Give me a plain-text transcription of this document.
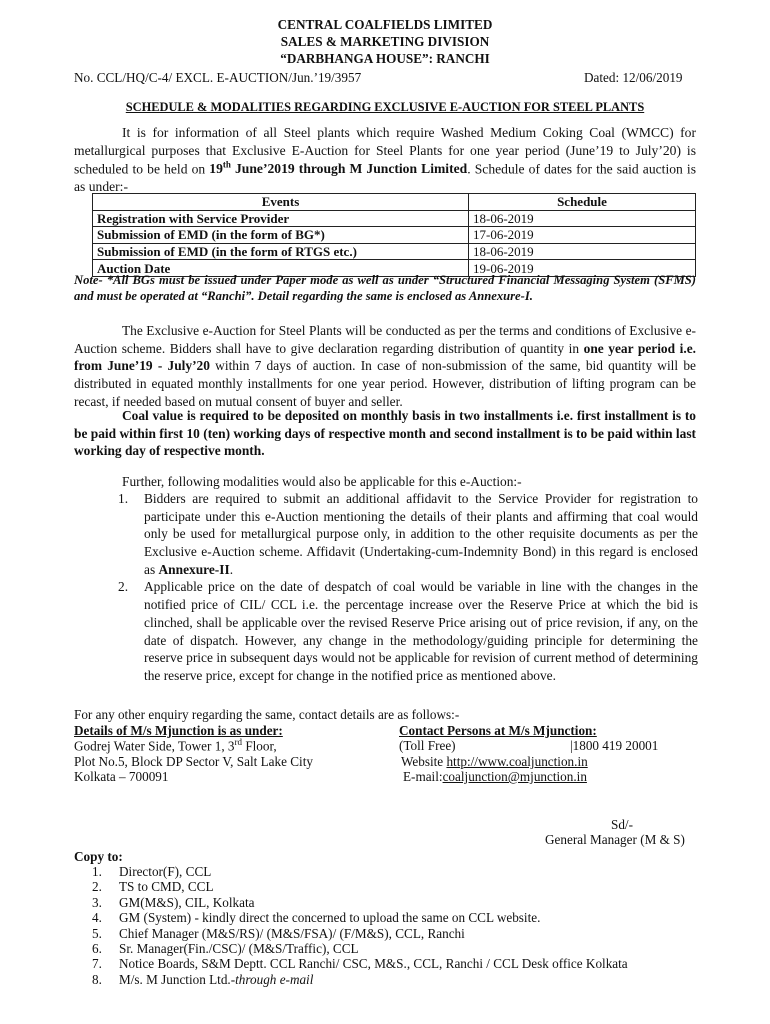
CENTRAL COALFIELDS LIMITED
SALES & MARKETING DIVISION
“DARBHANGA HOUSE”: RANCHI
No. CCL/HQ/C-4/ EXCL. E-AUCTION/Jun.’19/3957	Dated: 12/06/2019
SCHEDULE & MODALITIES REGARDING EXCLUSIVE E-AUCTION FOR STEEL PLANTS
It is for information of all Steel plants which require Washed Medium Coking Coal (WMCC) for metallurgical purposes that Exclusive E-Auction for Steel Plants for one year period (June’19 to July’20) is scheduled to be held on 19th June’2019 through M Junction Limited. Schedule of dates for the said auction is as under:-
Events	Schedule
Registration with Service Provider	18-06-2019
Submission of EMD (in the form of BG*)	17-06-2019
Submission of EMD (in the form of RTGS etc.)	18-06-2019
Auction Date	19-06-2019
Note- *All BGs must be issued under Paper mode as well as under “Structured Financial Messaging System (SFMS) and must be operated at “Ranchi”. Detail regarding the same is enclosed as Annexure-I.
The Exclusive e-Auction for Steel Plants will be conducted as per the terms and conditions of Exclusive e-Auction scheme. Bidders shall have to give declaration regarding distribution of quantity in one year period i.e. from June’19 - July’20 within 7 days of auction. In case of non-submission of the same, bid quantity will be distributed in equated monthly installments for one year period. However, distribution of lifting program can be recast, if needed based on mutual consent of buyer and seller.
Coal value is required to be deposited on monthly basis in two installments i.e. first installment is to be paid within first 10 (ten) working days of respective month and second installment is to be paid within last working day of respective month.
Further, following modalities would also be applicable for this e-Auction:-
1. Bidders are required to submit an additional affidavit to the Service Provider for registration to participate under this e-Auction mentioning the details of their plants and affirming that coal would only be used for metallurgical purpose only, in addition to the other requisite documents as per the Exclusive e-Auction scheme. Affidavit (Undertaking-cum-Indemnity Bond) in this regard is enclosed as Annexure-II.
2. Applicable price on the date of despatch of coal would be variable in line with the changes in the notified price of CIL/ CCL i.e. the percentage increase over the Reserve Price at which the bid is clinched, shall be applicable over the revised Reserve Price arising out of price revision, if any, on the date of dispatch. However, any change in the methodology/guiding principle for determining the reserve price in subsequent days would not be applicable for revision of current method of determining the reserve price, except for change in the notified price as mentioned above.
For any other enquiry regarding the same, contact details are as follows:-
Details of M/s Mjunction is as under:
Godrej Water Side, Tower 1, 3rd Floor,
Plot No.5, Block DP Sector V, Salt Lake City
Kolkata – 700091
Contact Persons at M/s Mjunction:
(Toll Free)	|1800 419 20001
Website http://www.coaljunction.in
E-mail:coaljunction@mjunction.in
Sd/-
General Manager (M & S)
Copy to:
1. Director(F), CCL
2. TS to CMD, CCL
3. GM(M&S), CIL, Kolkata
4. GM (System) - kindly direct the concerned to upload the same on CCL website.
5. Chief Manager (M&S/RS)/ (M&S/FSA)/ (F/M&S), CCL, Ranchi
6. Sr. Manager(Fin./CSC)/ (M&S/Traffic), CCL
7. Notice Boards, S&M Deptt. CCL Ranchi/ CSC, M&S., CCL, Ranchi / CCL Desk office Kolkata
8. M/s. M Junction Ltd.-through e-mail
